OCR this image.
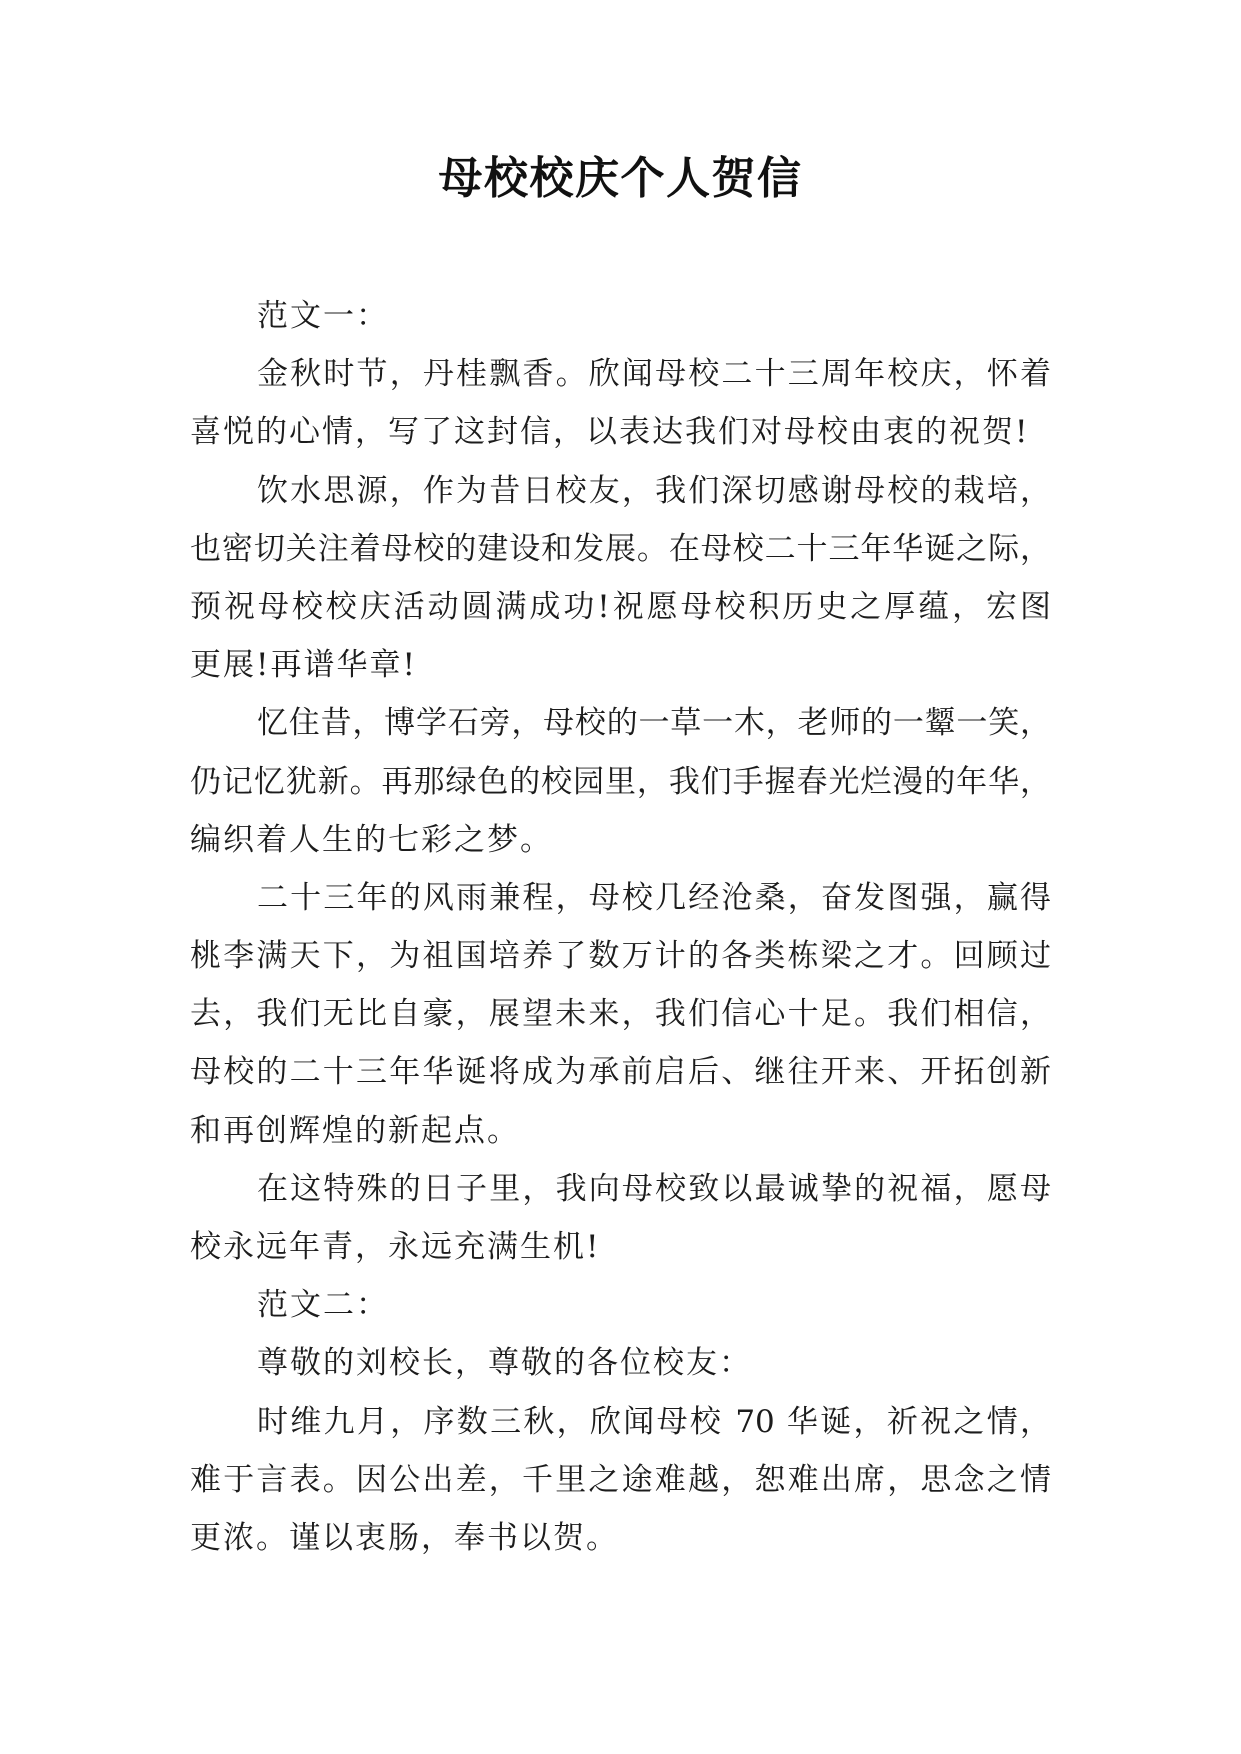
母校校庆个人贺信
范文一：
金秋时节，丹桂飘香。欣闻母校二十三周年校庆，怀着
喜悦的心情，写了这封信，以表达我们对母校由衷的祝贺!
饮水思源，作为昔日校友，我们深切感谢母校的栽培，
也密切关注着母校的建设和发展。在母校二十三年华诞之际，
预祝母校校庆活动圆满成功!祝愿母校积历史之厚蕴，宏图
更展!再谱华章!
忆住昔，博学石旁，母校的一草一木，老师的一颦一笑，
仍记忆犹新。再那绿色的校园里，我们手握春光烂漫的年华，
编织着人生的七彩之梦。
二十三年的风雨兼程，母校几经沧桑，奋发图强，赢得
桃李满天下，为祖国培养了数万计的各类栋梁之才。回顾过
去，我们无比自豪，展望未来，我们信心十足。我们相信，
母校的二十三年华诞将成为承前启后、继往开来、开拓创新
和再创辉煌的新起点。
在这特殊的日子里，我向母校致以最诚挚的祝福，愿母
校永远年青，永远充满生机!
范文二：
尊敬的刘校长，尊敬的各位校友：
时维九月，序数三秋，欣闻母校 70 华诞，祈祝之情，
难于言表。因公出差，千里之途难越，恕难出席，思念之情
更浓。谨以衷肠，奉书以贺。
